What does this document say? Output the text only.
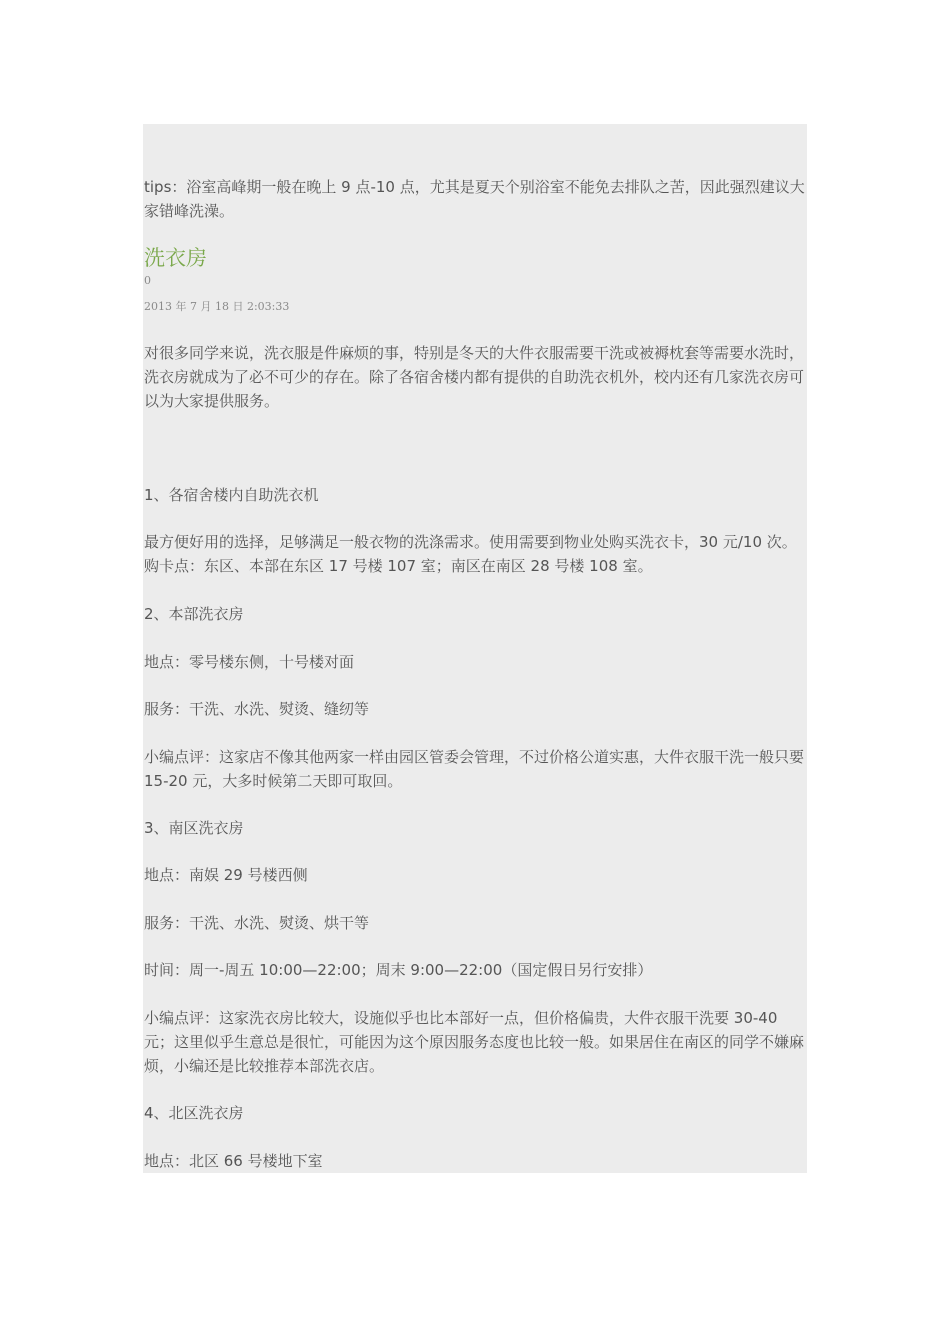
tips：浴室高峰期一般在晚上 9 点-10 点，尤其是夏天个别浴室不能免去排队之苦，因此强烈建议大家错峰洗澡。

洗衣房
0
2013 年 7 月 18 日 2:03:33

对很多同学来说，洗衣服是件麻烦的事，特别是冬天的大件衣服需要干洗或被褥枕套等需要水洗时，洗衣房就成为了必不可少的存在。除了各宿舍楼内都有提供的自助洗衣机外，校内还有几家洗衣房可以为大家提供服务。

1、各宿舍楼内自助洗衣机

最方便好用的选择，足够满足一般衣物的洗涤需求。使用需要到物业处购买洗衣卡，30 元/10 次。购卡点：东区、本部在东区 17 号楼 107 室；南区在南区 28 号楼 108 室。

2、本部洗衣房

地点：零号楼东侧，十号楼对面

服务：干洗、水洗、熨烫、缝纫等

小编点评：这家店不像其他两家一样由园区管委会管理，不过价格公道实惠，大件衣服干洗一般只要 15-20 元，大多时候第二天即可取回。

3、南区洗衣房

地点：南娱 29 号楼西侧

服务：干洗、水洗、熨烫、烘干等

时间：周一-周五 10:00—22:00；周末 9:00—22:00（国定假日另行安排）

小编点评：这家洗衣房比较大，设施似乎也比本部好一点，但价格偏贵，大件衣服干洗要 30-40 元；这里似乎生意总是很忙，可能因为这个原因服务态度也比较一般。如果居住在南区的同学不嫌麻烦，小编还是比较推荐本部洗衣店。

4、北区洗衣房

地点：北区 66 号楼地下室
